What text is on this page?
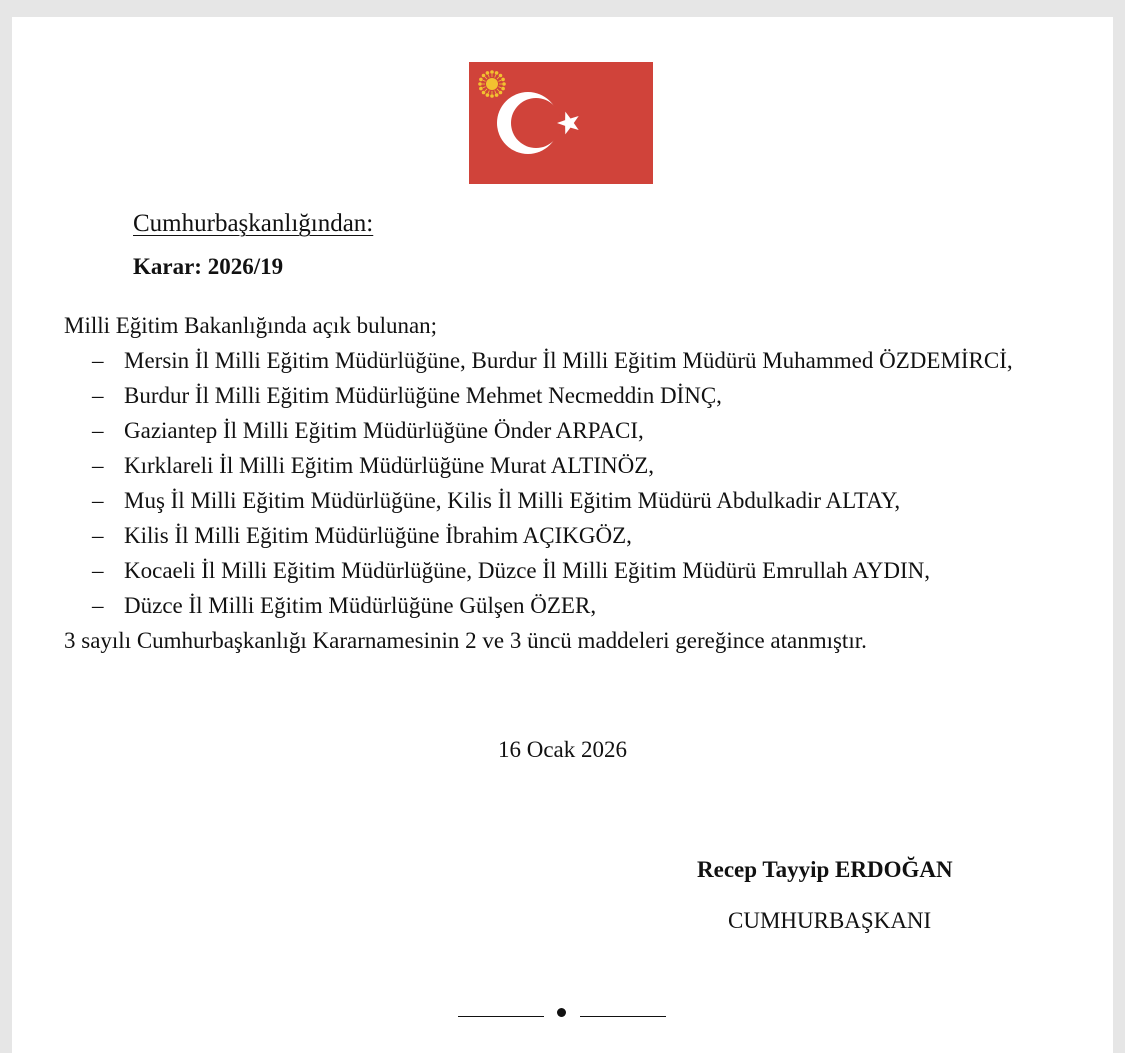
Cumhurbaşkanlığından:
Karar: 2026/19

Milli Eğitim Bakanlığında açık bulunan;

– Mersin İl Milli Eğitim Müdürlüğüne, Burdur İl Milli Eğitim Müdürü Muhammed ÖZDEMİRCİ,
– Burdur İl Milli Eğitim Müdürlüğüne Mehmet Necmeddin DİNÇ,
– Gaziantep İl Milli Eğitim Müdürlüğüne Önder ARPACI,
– Kırklareli İl Milli Eğitim Müdürlüğüne Murat ALTINÖZ,
– Muş İl Milli Eğitim Müdürlüğüne, Kilis İl Milli Eğitim Müdürü Abdulkadir ALTAY,
– Kilis İl Milli Eğitim Müdürlüğüne İbrahim AÇIKGÖZ,
– Kocaeli İl Milli Eğitim Müdürlüğüne, Düzce İl Milli Eğitim Müdürü Emrullah AYDIN,
– Düzce İl Milli Eğitim Müdürlüğüne Gülşen ÖZER,

3 sayılı Cumhurbaşkanlığı Kararnamesinin 2 ve 3 üncü maddeleri gereğince atanmıştır.

16 Ocak 2026
Recep Tayyip ERDOĞAN
CUMHURBAŞKANI
